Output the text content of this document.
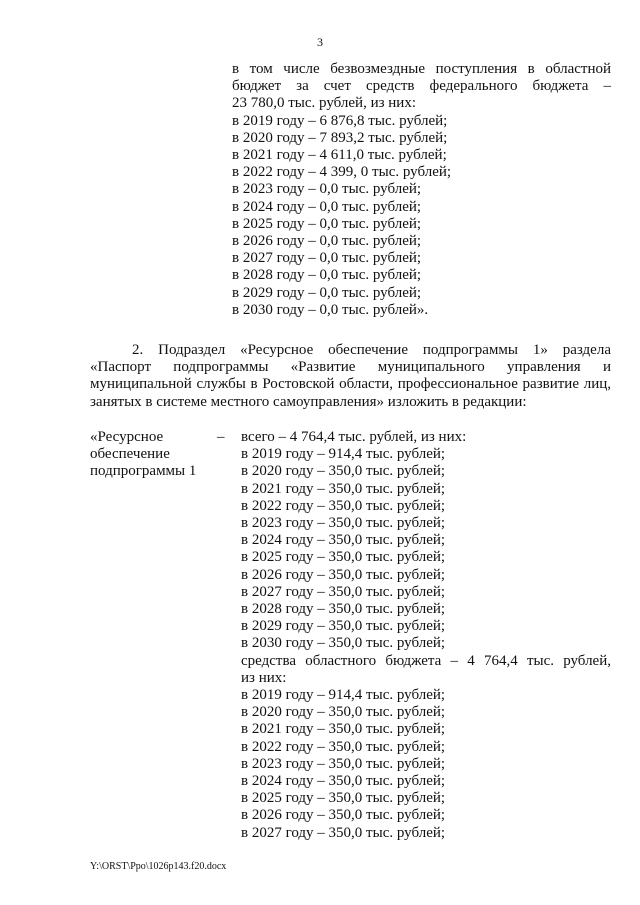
3
в том числе безвозмездные поступления в областной
бюджет за счет средств федерального бюджета –
23 780,0 тыс. рублей, из них:
в 2019 году – 6 876,8 тыс. рублей;
в 2020 году – 7 893,2 тыс. рублей;
в 2021 году – 4 611,0 тыс. рублей;
в 2022 году – 4 399, 0 тыс. рублей;
в 2023 году – 0,0 тыс. рублей;
в 2024 году – 0,0 тыс. рублей;
в 2025 году – 0,0 тыс. рублей;
в 2026 году – 0,0 тыс. рублей;
в 2027 году – 0,0 тыс. рублей;
в 2028 году – 0,0 тыс. рублей;
в 2029 году – 0,0 тыс. рублей;
в 2030 году – 0,0 тыс. рублей».
2. Подраздел «Ресурсное обеспечение подпрограммы 1» раздела
«Паспорт подпрограммы «Развитие муниципального управления и
муниципальной службы в Ростовской области, профессиональное развитие лиц,
занятых в системе местного самоуправления» изложить в редакции:
«Ресурсное
обеспечение
подпрограммы 1
– всего – 4 764,4 тыс. рублей, из них:
в 2019 году – 914,4 тыс. рублей;
в 2020 году – 350,0 тыс. рублей;
в 2021 году – 350,0 тыс. рублей;
в 2022 году – 350,0 тыс. рублей;
в 2023 году – 350,0 тыс. рублей;
в 2024 году – 350,0 тыс. рублей;
в 2025 году – 350,0 тыс. рублей;
в 2026 году – 350,0 тыс. рублей;
в 2027 году – 350,0 тыс. рублей;
в 2028 году – 350,0 тыс. рублей;
в 2029 году – 350,0 тыс. рублей;
в 2030 году – 350,0 тыс. рублей;
средства областного бюджета – 4 764,4 тыс. рублей,
из них:
в 2019 году – 914,4 тыс. рублей;
в 2020 году – 350,0 тыс. рублей;
в 2021 году – 350,0 тыс. рублей;
в 2022 году – 350,0 тыс. рублей;
в 2023 году – 350,0 тыс. рублей;
в 2024 году – 350,0 тыс. рублей;
в 2025 году – 350,0 тыс. рублей;
в 2026 году – 350,0 тыс. рублей;
в 2027 году – 350,0 тыс. рублей;
Y:\ORST\Ppo\1026p143.f20.docx
